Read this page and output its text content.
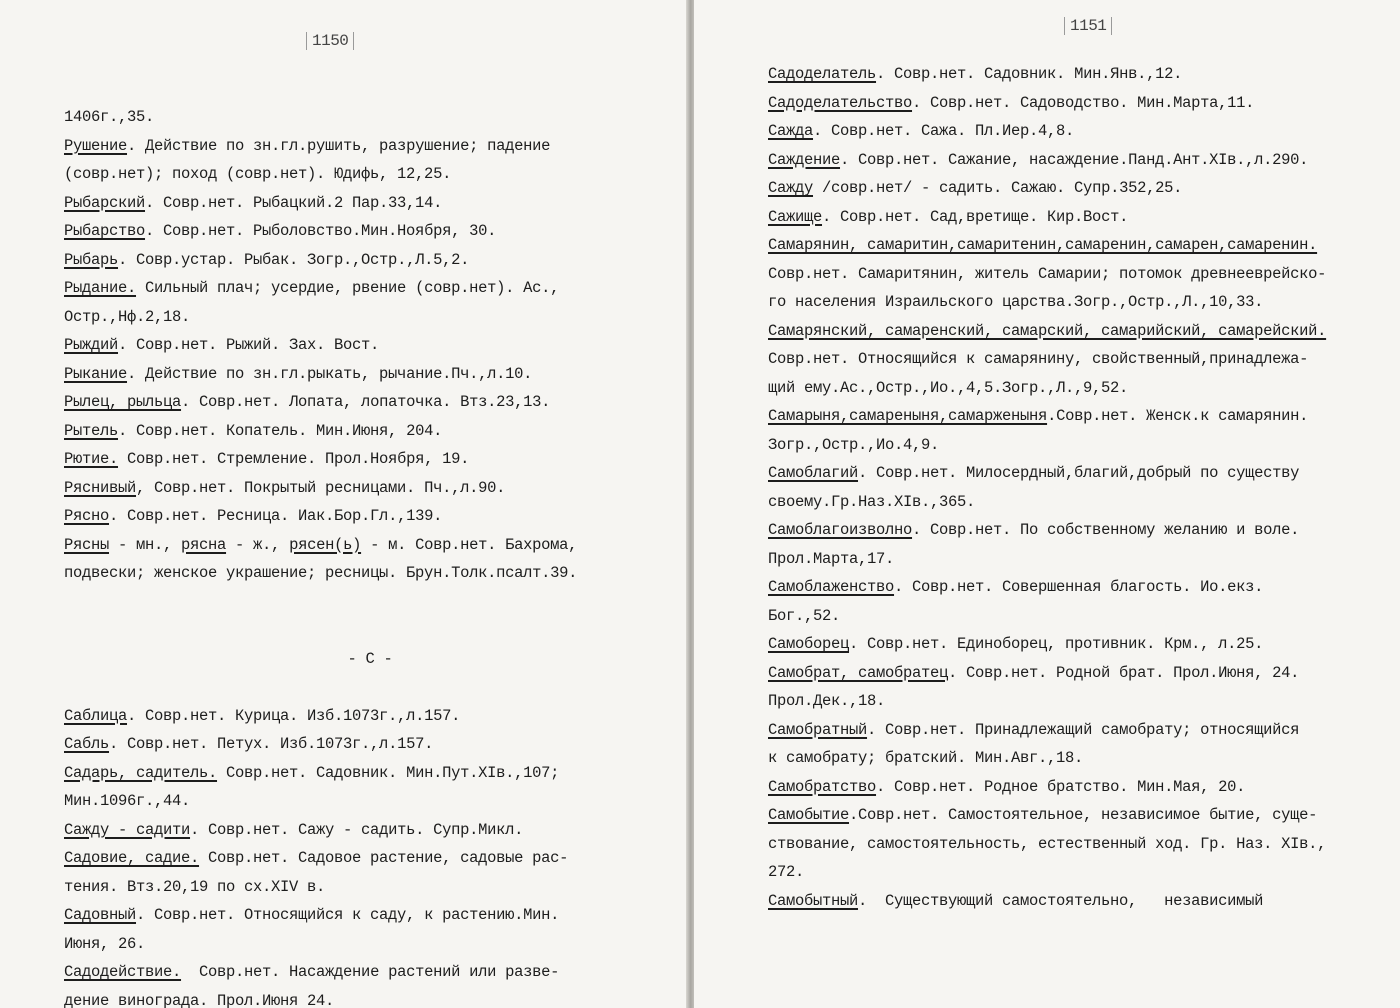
1150
1406г.,35.
Рушение. Действие по зн.гл.рушить, разрушение; падение
(совр.нет); поход (совр.нет). Юдифь, 12,25.
Рыбарский. Совр.нет. Рыбацкий.2 Пар.33,14.
Рыбарство. Совр.нет. Рыболовство.Мин.Ноября, 30.
Рыбарь. Совр.устар. Рыбак. Зогр.,Остр.,Л.5,2.
Рыдание. Сильный плач; усердие, рвение (совр.нет). Ас.,
Остр.,Нф.2,18.
Рыждий. Совр.нет. Рыжий. Зах. Вост.
Рыкание. Действие по зн.гл.рыкать, рычание.Пч.,л.10.
Рылец, рыльца. Совр.нет. Лопата, лопаточка. Втз.23,13.
Рытель. Совр.нет. Копатель. Мин.Июня, 204.
Рютие. Совр.нет. Стремление. Прол.Ноября, 19.
Ряснивый, Совр.нет. Покрытый ресницами. Пч.,л.90.
Рясно. Совр.нет. Ресница. Иак.Бор.Гл.,139.
Рясны - мн., рясна - ж., рясен(ь) - м. Совр.нет. Бахрома,
подвески; женское украшение; ресницы. Брун.Толк.псалт.39.
- С -
Саблица. Совр.нет. Курица. Изб.1073г.,л.157.
Сабль. Совр.нет. Петух. Изб.1073г.,л.157.
Садарь, садитель. Совр.нет. Садовник. Мин.Пут.XIв.,107;
Мин.1096г.,44.
Сажду - садити. Совр.нет. Сажу - садить. Супр.Микл.
Садовие, садие. Совр.нет. Садовое растение, садовые рас-
тения. Втз.20,19 по сх.XIV в.
Садовный. Совр.нет. Относящийся к саду, к растению.Мин.
Июня, 26.
Садодействие.  Совр.нет. Насаждение растений или разве-
дение винограда. Прол.Июня 24.
1151
Садоделатель. Совр.нет. Садовник. Мин.Янв.,12.
Садоделательство. Совр.нет. Садоводство. Мин.Марта,11.
Сажда. Совр.нет. Сажа. Пл.Иер.4,8.
Саждение. Совр.нет. Сажание, насаждение.Панд.Ант.XIв.,л.290.
Сажду /совр.нет/ - садить. Сажаю. Супр.352,25.
Сажище. Совр.нет. Сад,вретище. Кир.Вост.
Самарянин, самаритин,самаритенин,самаренин,самарен,самаренин.
Совр.нет. Самаритянин, житель Самарии; потомок древнееврейско-
го населения Израильского царства.Зогр.,Остр.,Л.,10,33.
Самарянский, самаренский, самарский, самарийский, самарейский.
Совр.нет. Относящийся к самарянину, свойственный,принадлежа-
щий ему.Ас.,Остр.,Ио.,4,5.Зогр.,Л.,9,52.
Самарыня,самареныня,самарженыня.Совр.нет. Женск.к самарянин.
Зогр.,Остр.,Ио.4,9.
Самоблагий. Совр.нет. Милосердный,благий,добрый по существу
своему.Гр.Наз.XIв.,365.
Самоблагоизволно. Совр.нет. По собственному желанию и воле.
Прол.Марта,17.
Самоблаженство. Совр.нет. Совершенная благость. Ио.екз.
Бог.,52.
Самоборец. Совр.нет. Единоборец, противник. Крм., л.25.
Самобрат, самобратец. Совр.нет. Родной брат. Прол.Июня, 24.
Прол.Дек.,18.
Самобратный. Совр.нет. Принадлежащий самобрату; относящийся
к самобрату; братский. Мин.Авг.,18.
Самобратство. Совр.нет. Родное братство. Мин.Мая, 20.
Самобытие.Совр.нет. Самостоятельное, независимое бытие, суще-
ствование, самостоятельность, естественный ход. Гр. Наз. XIв.,
272.
Самобытный.  Существующий самостоятельно,   независимый
